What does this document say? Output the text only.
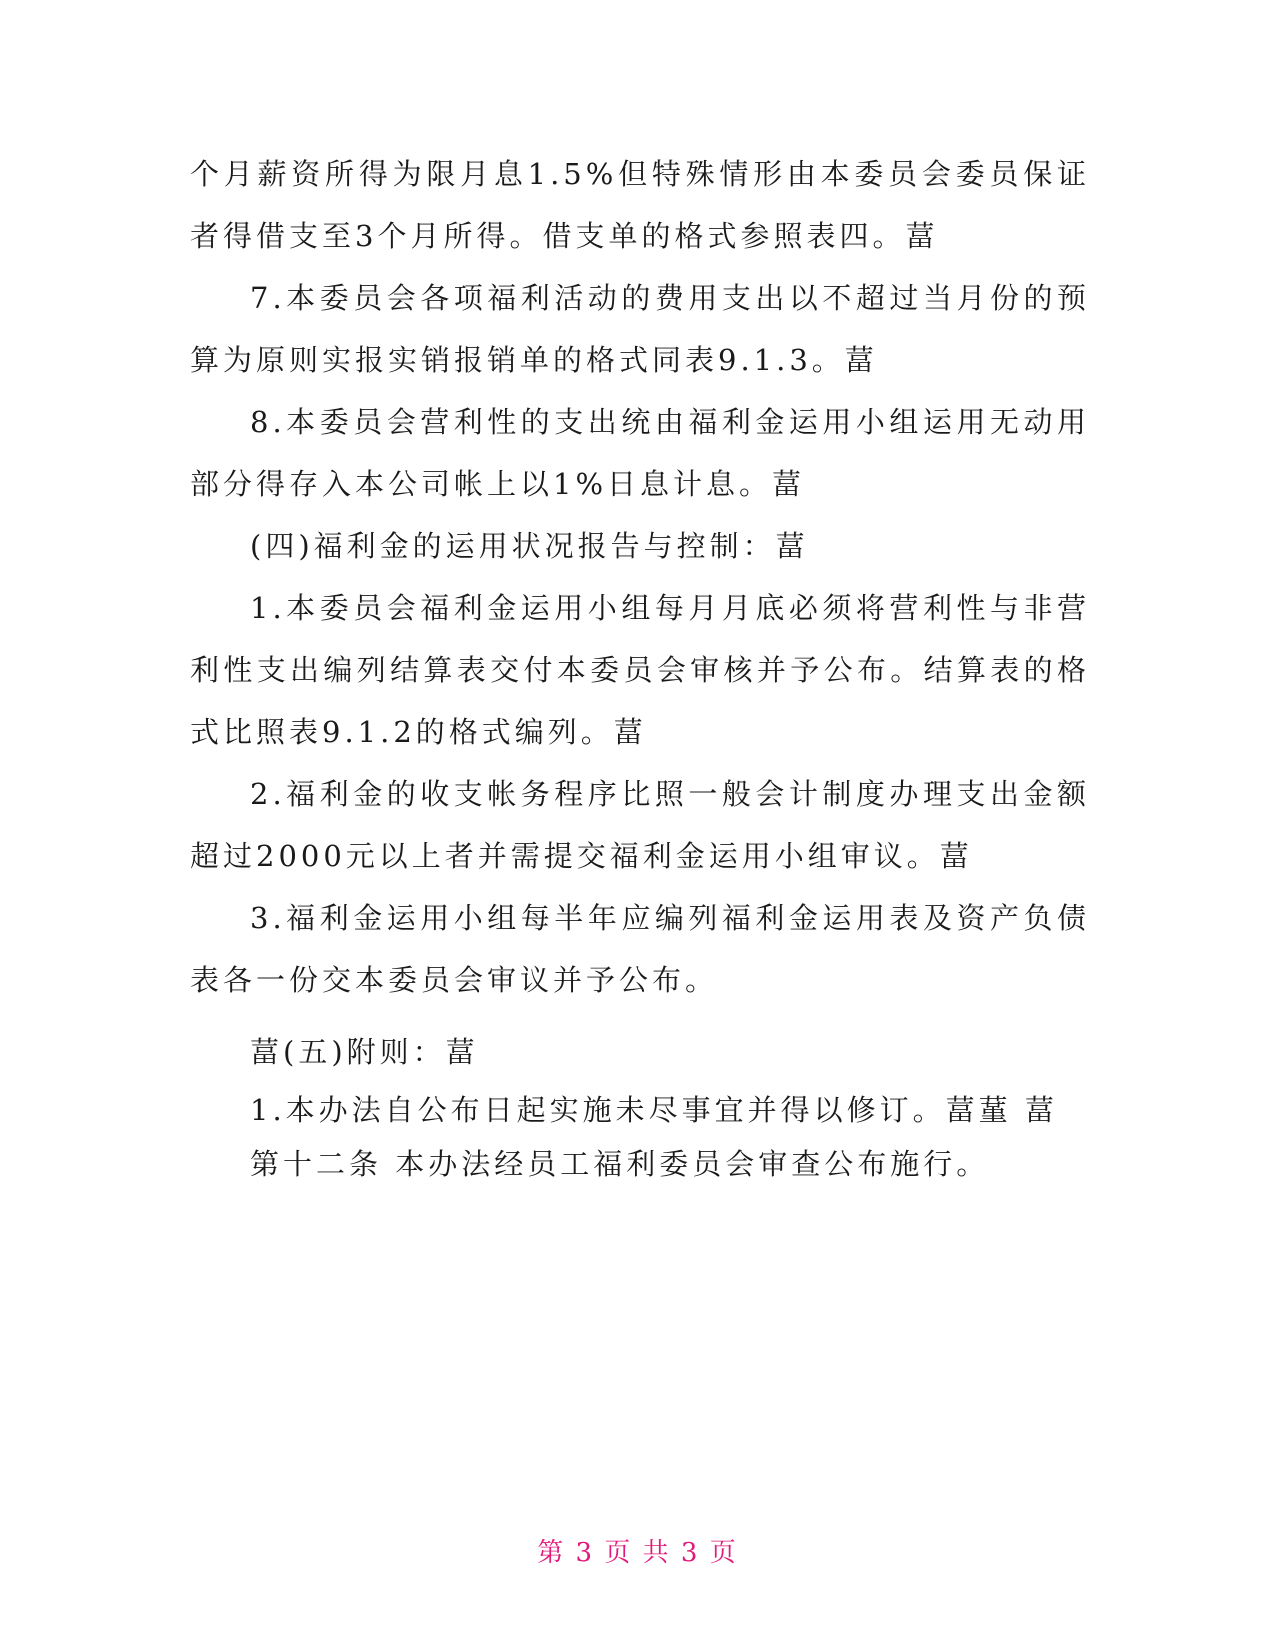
个月薪资所得为限月息1.5%但特殊情形由本委员会委员保证者得借支至3个月所得。借支单的格式参照表四。葍

7.本委员会各项福利活动的费用支出以不超过当月份的预算为原则实报实销报销单的格式同表9.1.3。葍

8.本委员会营利性的支出统由福利金运用小组运用无动用部分得存入本公司帐上以1%日息计息。葍

(四)福利金的运用状况报告与控制：葍

1.本委员会福利金运用小组每月月底必须将营利性与非营利性支出编列结算表交付本委员会审核并予公布。结算表的格式比照表9.1.2的格式编列。葍

2.福利金的收支帐务程序比照一般会计制度办理支出金额超过2000元以上者并需提交福利金运用小组审议。葍

3.福利金运用小组每半年应编列福利金运用表及资产负债表各一份交本委员会审议并予公布。

葍(五)附则：葍

1.本办法自公布日起实施未尽事宜并得以修订。葍蓳 葍

第十二条 本办法经员工福利委员会审查公布施行。

第 3 页 共 3 页
